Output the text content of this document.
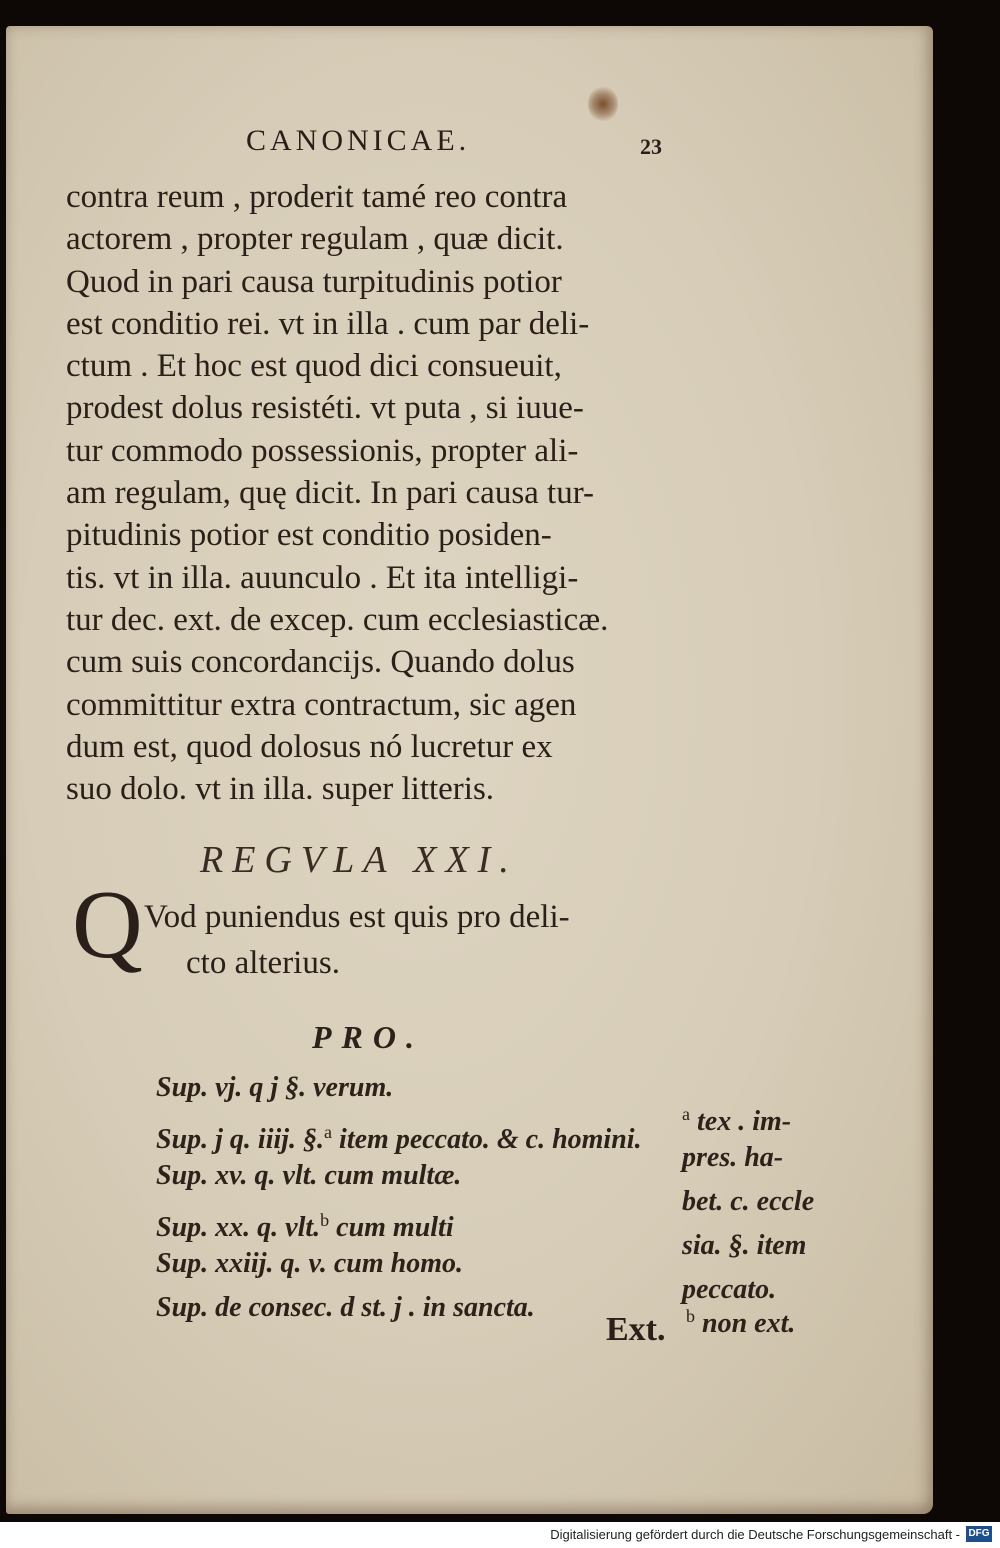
CANONICAE.	23
contra reum , proderit tamé reo contra
actorem , propter regulam , quæ dicit.
Quod in pari causa turpitudinis potior
est conditio rei. vt in illa . cum par deli-
ctum . Et hoc est quod dici consueuit,
prodest dolus resistéti. vt puta , si iuue-
tur commodo possessionis, propter ali-
am regulam, quę dicit. In pari causa tur-
pitudinis potior est conditio posiden-
tis. vt in illa. auunculo . Et ita intelligi-
tur dec. ext. de excep. cum ecclesiasticæ.
cum suis concordancijs. Quando dolus
committitur extra contractum, sic agen
dum est, quod dolosus nó lucretur ex
suo dolo. vt in illa. super litteris.
REGVLA XXI.
Q Vod puniendus est quis pro deli-
cto alterius.
PRO.
Sup. vj. q j §. verum.
Sup. j q. iiij. §.$^a$ item peccato. & c. homini.
Sup. xv. q. vlt. cum multæ.
Sup. xx. q. vlt.$^b$ cum multi
Sup. xxiij. q. v. cum homo.
Sup. de consec. d st. j . in sancta.
$^a$ tex . im-
pres. ha-
bet. c. eccle
sia. §. item
peccato.
Ext. $^b$ non ext.
Digitalisierung gefördert durch die Deutsche Forschungsgemeinschaft - DFG
